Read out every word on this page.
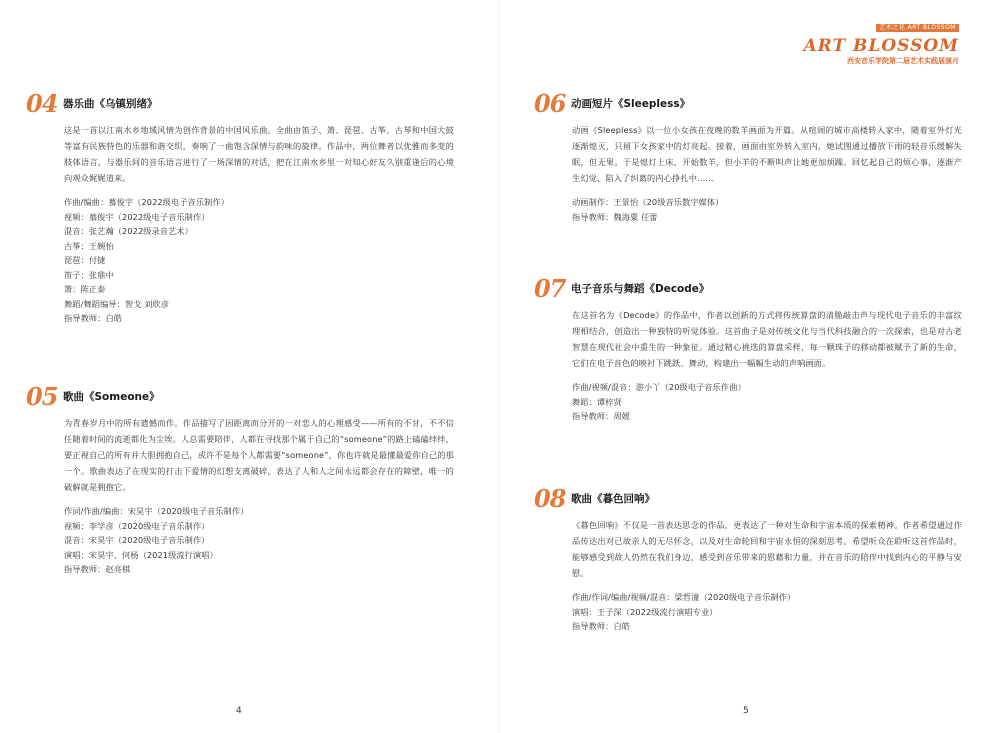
04 器乐曲《乌镇别绪》

这是一首以江南水乡地域风情为创作背景的中国风乐曲。全曲由笛子、箫、琵琶、古筝、古琴和中国大鼓等富有民族特色的乐器和谐交织，奏响了一曲饱含深情与韵味的旋律。作品中，两位舞者以优雅而多变的肢体语言，与器乐间的音乐语言进行了一场深情的对话，把在江南水乡里一对知心好友久别重逢后的心境向观众娓娓道来。

作曲/编曲：慕俊宇（2022级电子音乐制作）
视频：慕俊宇（2022级电子音乐制作）
混音：张艺瀚（2022级录音艺术）
古筝：王婉怡
琵琶：付捷
笛子：张鼎中
箫：陈正泰
舞蹈/舞蹈编导：智戈 刘欣彦
指导教师：白皓
05 歌曲《Someone》

为青春岁月中的所有遗憾而作。作品描写了因距离而分开的一对恋人的心理感受——所有的不甘，不不信任随着时间的流逝都化为尘埃。人总需要陪伴，人都在寻找那个属于自己的“someone”的路上磕磕绊绊，要正视自己的所有并大胆拥抱自己，或许不是每个人都需要“someone”，你也许就是最懂最爱你自己的那一个。歌曲表达了在现实的打击下爱情的幻想支离破碎，表达了人和人之间永远都会存在的障壁，唯一的破解就是拥抱它。

作词/作曲/编曲：宋昊宇（2020级电子音乐制作）
视频：李学彦（2020级电子音乐制作）
混音：宋昊宇（2020级电子音乐制作）
演唱：宋昊宇、何杨（2021级流行演唱）
指导教师：赵亮棋
4
艺术之花 ART BLOSSOM
ART BLOSSOM
西安音乐学院第二届艺术实践展演月
06 动画短片《Sleepless》

动画《Sleepless》以一位小女孩在夜晚的数羊画面为开篇。从喧闹的城市高楼转入家中，随着室外灯光逐渐熄灭，只留下女孩家中的灯亮起。接着，画面由室外转入室内，她试图通过播放下雨的轻音乐缓解失眠，但无果。于是熄灯上床，开始数羊，但小羊的不断叫声让她更加烦躁。回忆起自己的烦心事，逐渐产生幻觉，陷入了纠葛的内心挣扎中......

动画制作：王景怡（20级音乐数字媒体）
指导教师：魏海粟 任蕾
07 电子音乐与舞蹈《Decode》

在这首名为《Decode》的作品中，作者以创新的方式将传统算盘的清脆敲击声与现代电子音乐的丰富纹理相结合，创造出一种独特的听觉体验。这首曲子是对传统文化与当代科技融合的一次探索，也是对古老智慧在现代社会中重生的一种象征。通过精心挑选的算盘采样，每一颗珠子的移动都被赋予了新的生命，它们在电子音色的映衬下跳跃、舞动，构建出一幅幅生动的声响画面。

作曲/视频/混音：游小丫（20级电子音乐作曲）
舞蹈：谭梓贤
指导教师：周媛
08 歌曲《暮色回响》

《暮色回响》不仅是一首表达思念的作品，更表达了一种对生命和宇宙本质的探索精神。作者希望通过作品传达出对已故亲人的无尽怀念，以及对生命轮回和宇宙永恒的深刻思考。希望听众在聆听这首作品时，能够感受到故人仍然在我们身边，感受到音乐带来的慰藉和力量，并在音乐的陪伴中找到内心的平静与安慰。

作曲/作词/编曲/视频/混音：梁哲潼（2020级电子音乐制作）
演唱：王子深（2022级流行演唱专业）
指导教师：白皓
5
